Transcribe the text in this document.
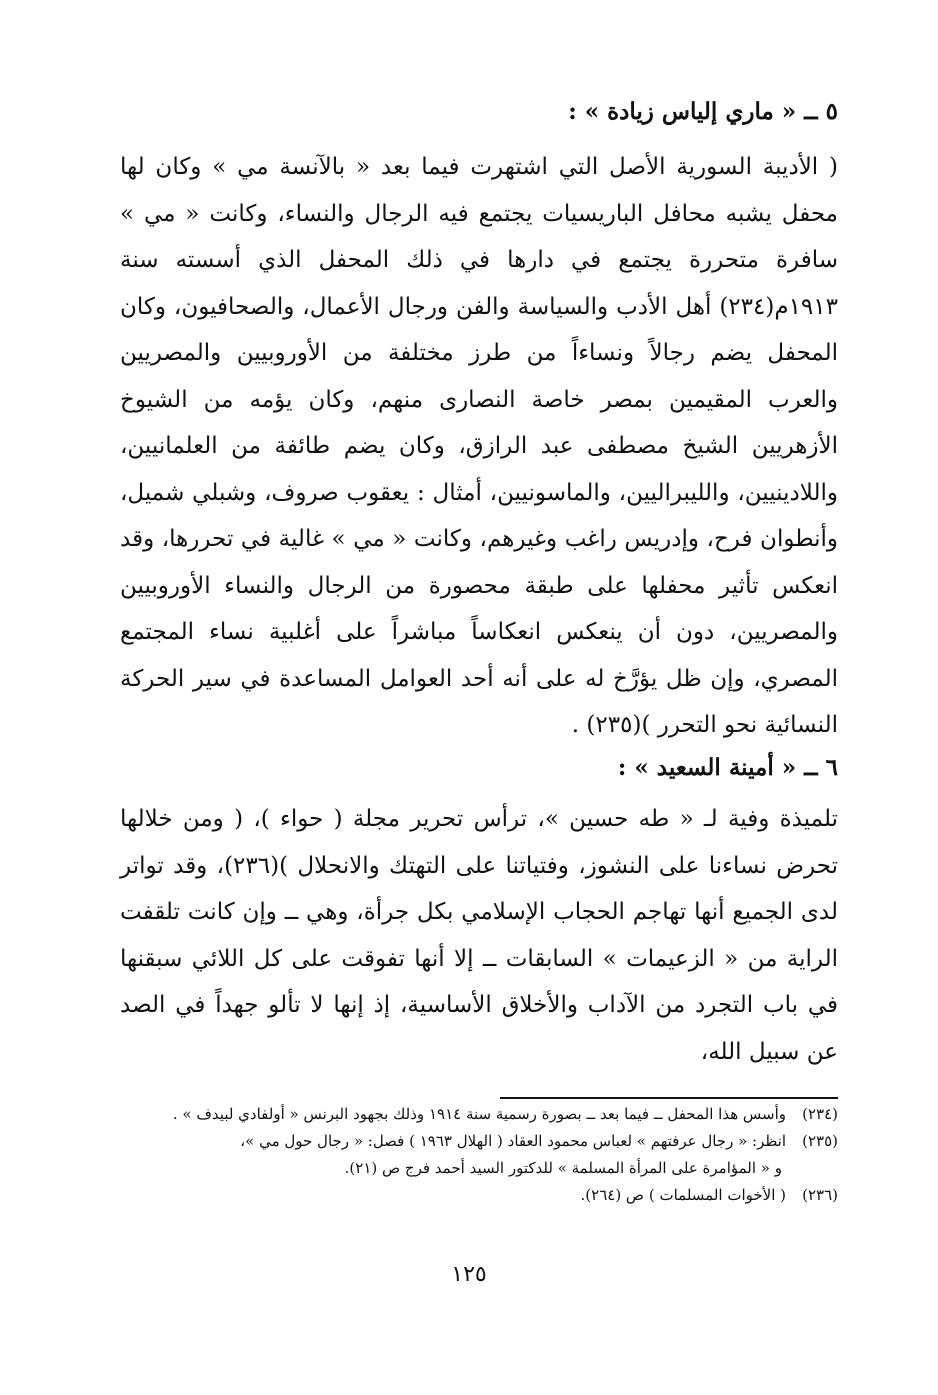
٥ ــ « ماري إلياس زيادة » :
( الأديبة السورية الأصل التي اشتهرت فيما بعد « بالآنسة مي » وكان لها محفل يشبه محافل الباريسيات يجتمع فيه الرجال والنساء، وكانت « مي » سافرة متحررة يجتمع في دارها في ذلك المحفل الذي أسسته سنة ١٩١٣م(٢٣٤) أهل الأدب والسياسة والفن ورجال الأعمال، والصحافيون، وكان المحفل يضم رجالاً ونساءاً من طرز مختلفة من الأوروبيين والمصريين والعرب المقيمين بمصر خاصة النصارى منهم، وكان يؤمه من الشيوخ الأزهريين الشيخ مصطفى عبد الرازق، وكان يضم طائفة من العلمانيين، واللادينيين، والليبراليين، والماسونيين، أمثال : يعقوب صروف، وشبلي شميل، وأنطوان فرح، وإدريس راغب وغيرهم، وكانت « مي » غالية في تحررها، وقد انعكس تأثير محفلها على طبقة محصورة من الرجال والنساء الأوروبيين والمصريين، دون أن ينعكس انعكاساً مباشراً على أغلبية نساء المجتمع المصري، وإن ظل يؤرَّخ له على أنه أحد العوامل المساعدة في سير الحركة النسائية نحو التحرر )(٢٣٥) .
٦ ــ « أمينة السعيد » :
تلميذة وفية لـ « طه حسين »، ترأس تحرير مجلة ( حواء )، ( ومن خلالها تحرض نساءنا على النشوز، وفتياتنا على التهتك والانحلال )(٢٣٦)، وقد تواتر لدى الجميع أنها تهاجم الحجاب الإسلامي بكل جرأة، وهي ــ وإن كانت تلقفت الراية من « الزعيمات » السابقات ــ إلا أنها تفوقت على كل اللائي سبقنها في باب التجرد من الآداب والأخلاق الأساسية، إذ إنها لا تألو جهداً في الصد عن سبيل الله،
(٢٣٤)وأسس هذا المحفل ــ فيما بعد ــ بصورة رسمية سنة ١٩١٤ وذلك بجهود البرنس « أولفادي لبيدف » .
(٢٣٥)انظر: « رجال عرفتهم » لعباس محمود العقاد ( الهلال ١٩٦٣ ) فصل: « رجال حول مي »،
و « المؤامرة على المرأة المسلمة » للدكتور السيد أحمد فرج ص (٢١).
(٢٣٦)( الأخوات المسلمات ) ص (٢٦٤).
١٢٥
